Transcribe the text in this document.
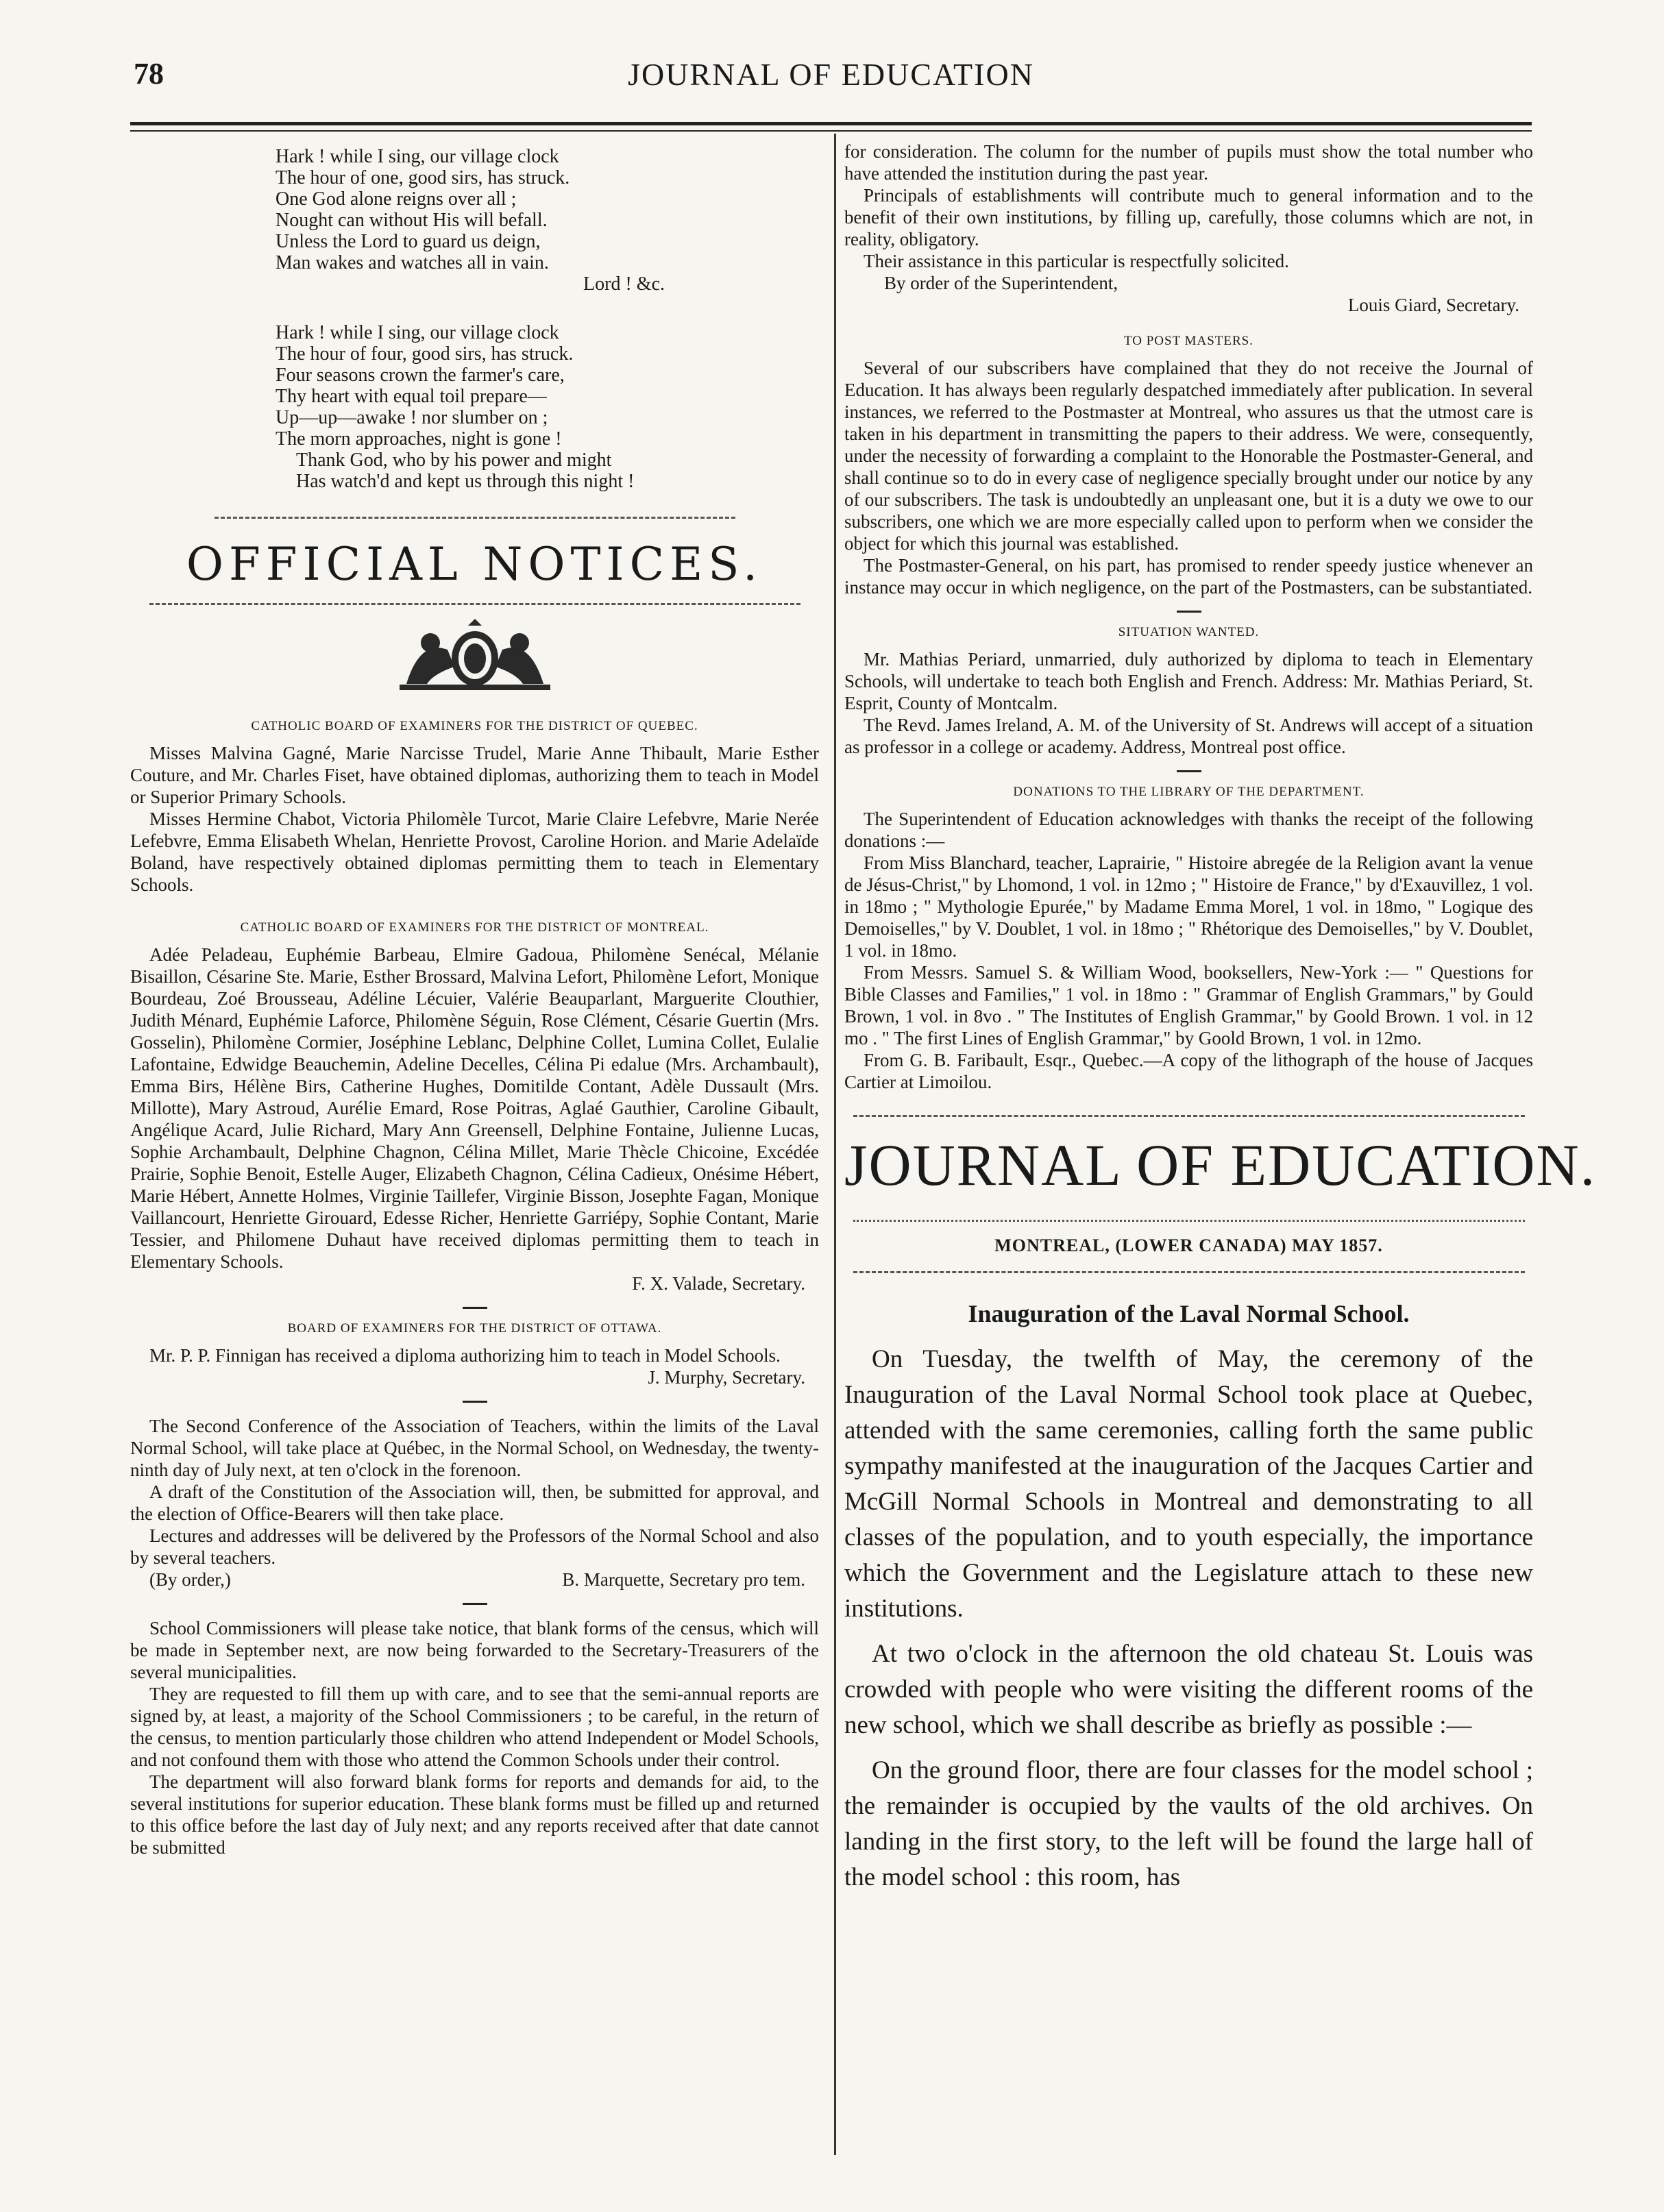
78	JOURNAL OF EDUCATION
Hark ! while I sing, our village clock
The hour of one, good sirs, has struck.
One God alone reigns over all ;
Nought can without His will befall.
Unless the Lord to guard us deign,
Man wakes and watches all in vain.
Lord ! &c.
Hark ! while I sing, our village clock
The hour of four, good sirs, has struck.
Four seasons crown the farmer's care,
Thy heart with equal toil prepare—
Up—up—awake ! nor slumber on ;
The morn approaches, night is gone !
Thank God, who by his power and might
Has watch'd and kept us through this night !
OFFICIAL NOTICES.
CATHOLIC BOARD OF EXAMINERS FOR THE DISTRICT OF QUEBEC.

Misses Malvina Gagné, Marie Narcisse Trudel, Marie Anne Thibault, Marie Esther Couture, and Mr. Charles Fiset, have obtained diplomas, authorizing them to teach in Model or Superior Primary Schools.

Misses Hermine Chabot, Victoria Philomèle Turcot, Marie Claire Lefebvre, Marie Nerée Lefebvre, Emma Elisabeth Whelan, Henriette Provost, Caroline Horion. and Marie Adelaïde Boland, have respectively obtained diplomas permitting them to teach in Elementary Schools.

CATHOLIC BOARD OF EXAMINERS FOR THE DISTRICT OF MONTREAL.

Adée Peladeau, Euphémie Barbeau, Elmire Gadoua, Philomène Senécal, Mélanie Bisaillon, Césarine Ste. Marie, Esther Brossard, Malvina Lefort, Philomène Lefort, Monique Bourdeau, Zoé Brousseau, Adéline Lécuier, Valérie Beauparlant, Marguerite Clouthier, Judith Ménard, Euphémie Laforce, Philomène Séguin, Rose Clément, Césarie Guertin (Mrs. Gosselin), Philomène Cormier, Joséphine Leblanc, Delphine Collet, Lumina Collet, Eulalie Lafontaine, Edwidge Beauchemin, Adeline Decelles, Célina Pi edalue (Mrs. Archambault), Emma Birs, Hélène Birs, Catherine Hughes, Domitilde Contant, Adèle Dussault (Mrs. Millotte), Mary Astroud, Aurélie Emard, Rose Poitras, Aglaé Gauthier, Caroline Gibault, Angélique Acard, Julie Richard, Mary Ann Greensell, Delphine Fontaine, Julienne Lucas, Sophie Archambault, Delphine Chagnon, Célina Millet, Marie Thècle Chicoine, Excédée Prairie, Sophie Benoit, Estelle Auger, Elizabeth Chagnon, Célina Cadieux, Onésime Hébert, Marie Hébert, Annette Holmes, Virginie Taillefer, Virginie Bisson, Josephte Fagan, Monique Vaillancourt, Henriette Girouard, Edesse Richer, Henriette Garriépy, Sophie Contant, Marie Tessier, and Philomene Duhaut have received diplomas permitting them to teach in Elementary Schools.

F. X. Valade, Secretary.

BOARD OF EXAMINERS FOR THE DISTRICT OF OTTAWA.

Mr. P. P. Finnigan has received a diploma authorizing him to teach in Model Schools.

J. Murphy, Secretary.

The Second Conference of the Association of Teachers, within the limits of the Laval Normal School, will take place at Québec, in the Normal School, on Wednesday, the twenty-ninth day of July next, at ten o'clock in the forenoon.

A draft of the Constitution of the Association will, then, be submitted for approval, and the election of Office-Bearers will then take place.

Lectures and addresses will be delivered by the Professors of the Normal School and also by several teachers.

(By order,)	B. Marquette, Secretary pro tem.

School Commissioners will please take notice, that blank forms of the census, which will be made in September next, are now being forwarded to the Secretary-Treasurers of the several municipalities.

They are requested to fill them up with care, and to see that the semi-annual reports are signed by, at least, a majority of the School Commissioners ; to be careful, in the return of the census, to mention particularly those children who attend Independent or Model Schools, and not confound them with those who attend the Common Schools under their control.

The department will also forward blank forms for reports and demands for aid, to the several institutions for superior education. These blank forms must be filled up and returned to this office before the last day of July next; and any reports received after that date cannot be submitted

for consideration. The column for the number of pupils must show the total number who have attended the institution during the past year.

Principals of establishments will contribute much to general information and to the benefit of their own institutions, by filling up, carefully, those columns which are not, in reality, obligatory.

Their assistance in this particular is respectfully solicited.

By order of the Superintendent,

Louis Giard, Secretary.

TO POST MASTERS.

Several of our subscribers have complained that they do not receive the Journal of Education. It has always been regularly despatched immediately after publication. In several instances, we referred to the Postmaster at Montreal, who assures us that the utmost care is taken in his department in transmitting the papers to their address. We were, consequently, under the necessity of forwarding a complaint to the Honorable the Postmaster-General, and shall continue so to do in every case of negligence specially brought under our notice by any of our subscribers. The task is undoubtedly an unpleasant one, but it is a duty we owe to our subscribers, one which we are more especially called upon to perform when we consider the object for which this journal was established.

The Postmaster-General, on his part, has promised to render speedy justice whenever an instance may occur in which negligence, on the part of the Postmasters, can be substantiated.

SITUATION WANTED.

Mr. Mathias Periard, unmarried, duly authorized by diploma to teach in Elementary Schools, will undertake to teach both English and French. Address: Mr. Mathias Periard, St. Esprit, County of Montcalm.

The Revd. James Ireland, A. M. of the University of St. Andrews will accept of a situation as professor in a college or academy. Address, Montreal post office.

DONATIONS TO THE LIBRARY OF THE DEPARTMENT.

The Superintendent of Education acknowledges with thanks the receipt of the following donations :—

From Miss Blanchard, teacher, Laprairie, " Histoire abregée de la Religion avant la venue de Jésus-Christ," by Lhomond, 1 vol. in 12mo ; " Histoire de France," by d'Exauvillez, 1 vol. in 18mo ; " Mythologie Epurée," by Madame Emma Morel, 1 vol. in 18mo, " Logique des Demoiselles," by V. Doublet, 1 vol. in 18mo ; " Rhétorique des Demoiselles," by V. Doublet, 1 vol. in 18mo.

From Messrs. Samuel S. & William Wood, booksellers, New-York :— " Questions for Bible Classes and Families," 1 vol. in 18mo : " Grammar of English Grammars," by Gould Brown, 1 vol. in 8vo . " The Institutes of English Grammar," by Goold Brown. 1 vol. in 12 mo . " The first Lines of English Grammar," by Goold Brown, 1 vol. in 12mo.

From G. B. Faribault, Esqr., Quebec.—A copy of the lithograph of the house of Jacques Cartier at Limoilou.

JOURNAL OF EDUCATION.
MONTREAL, (LOWER CANADA) MAY 1857.
Inauguration of the Laval Normal School.

On Tuesday, the twelfth of May, the ceremony of the Inauguration of the Laval Normal School took place at Quebec, attended with the same ceremonies, calling forth the same public sympathy manifested at the inauguration of the Jacques Cartier and McGill Normal Schools in Montreal and demonstrating to all classes of the population, and to youth especially, the importance which the Government and the Legislature attach to these new institutions.

At two o'clock in the afternoon the old chateau St. Louis was crowded with people who were visiting the different rooms of the new school, which we shall describe as briefly as possible :—

On the ground floor, there are four classes for the model school ; the remainder is occupied by the vaults of the old archives. On landing in the first story, to the left will be found the large hall of the model school : this room, has
